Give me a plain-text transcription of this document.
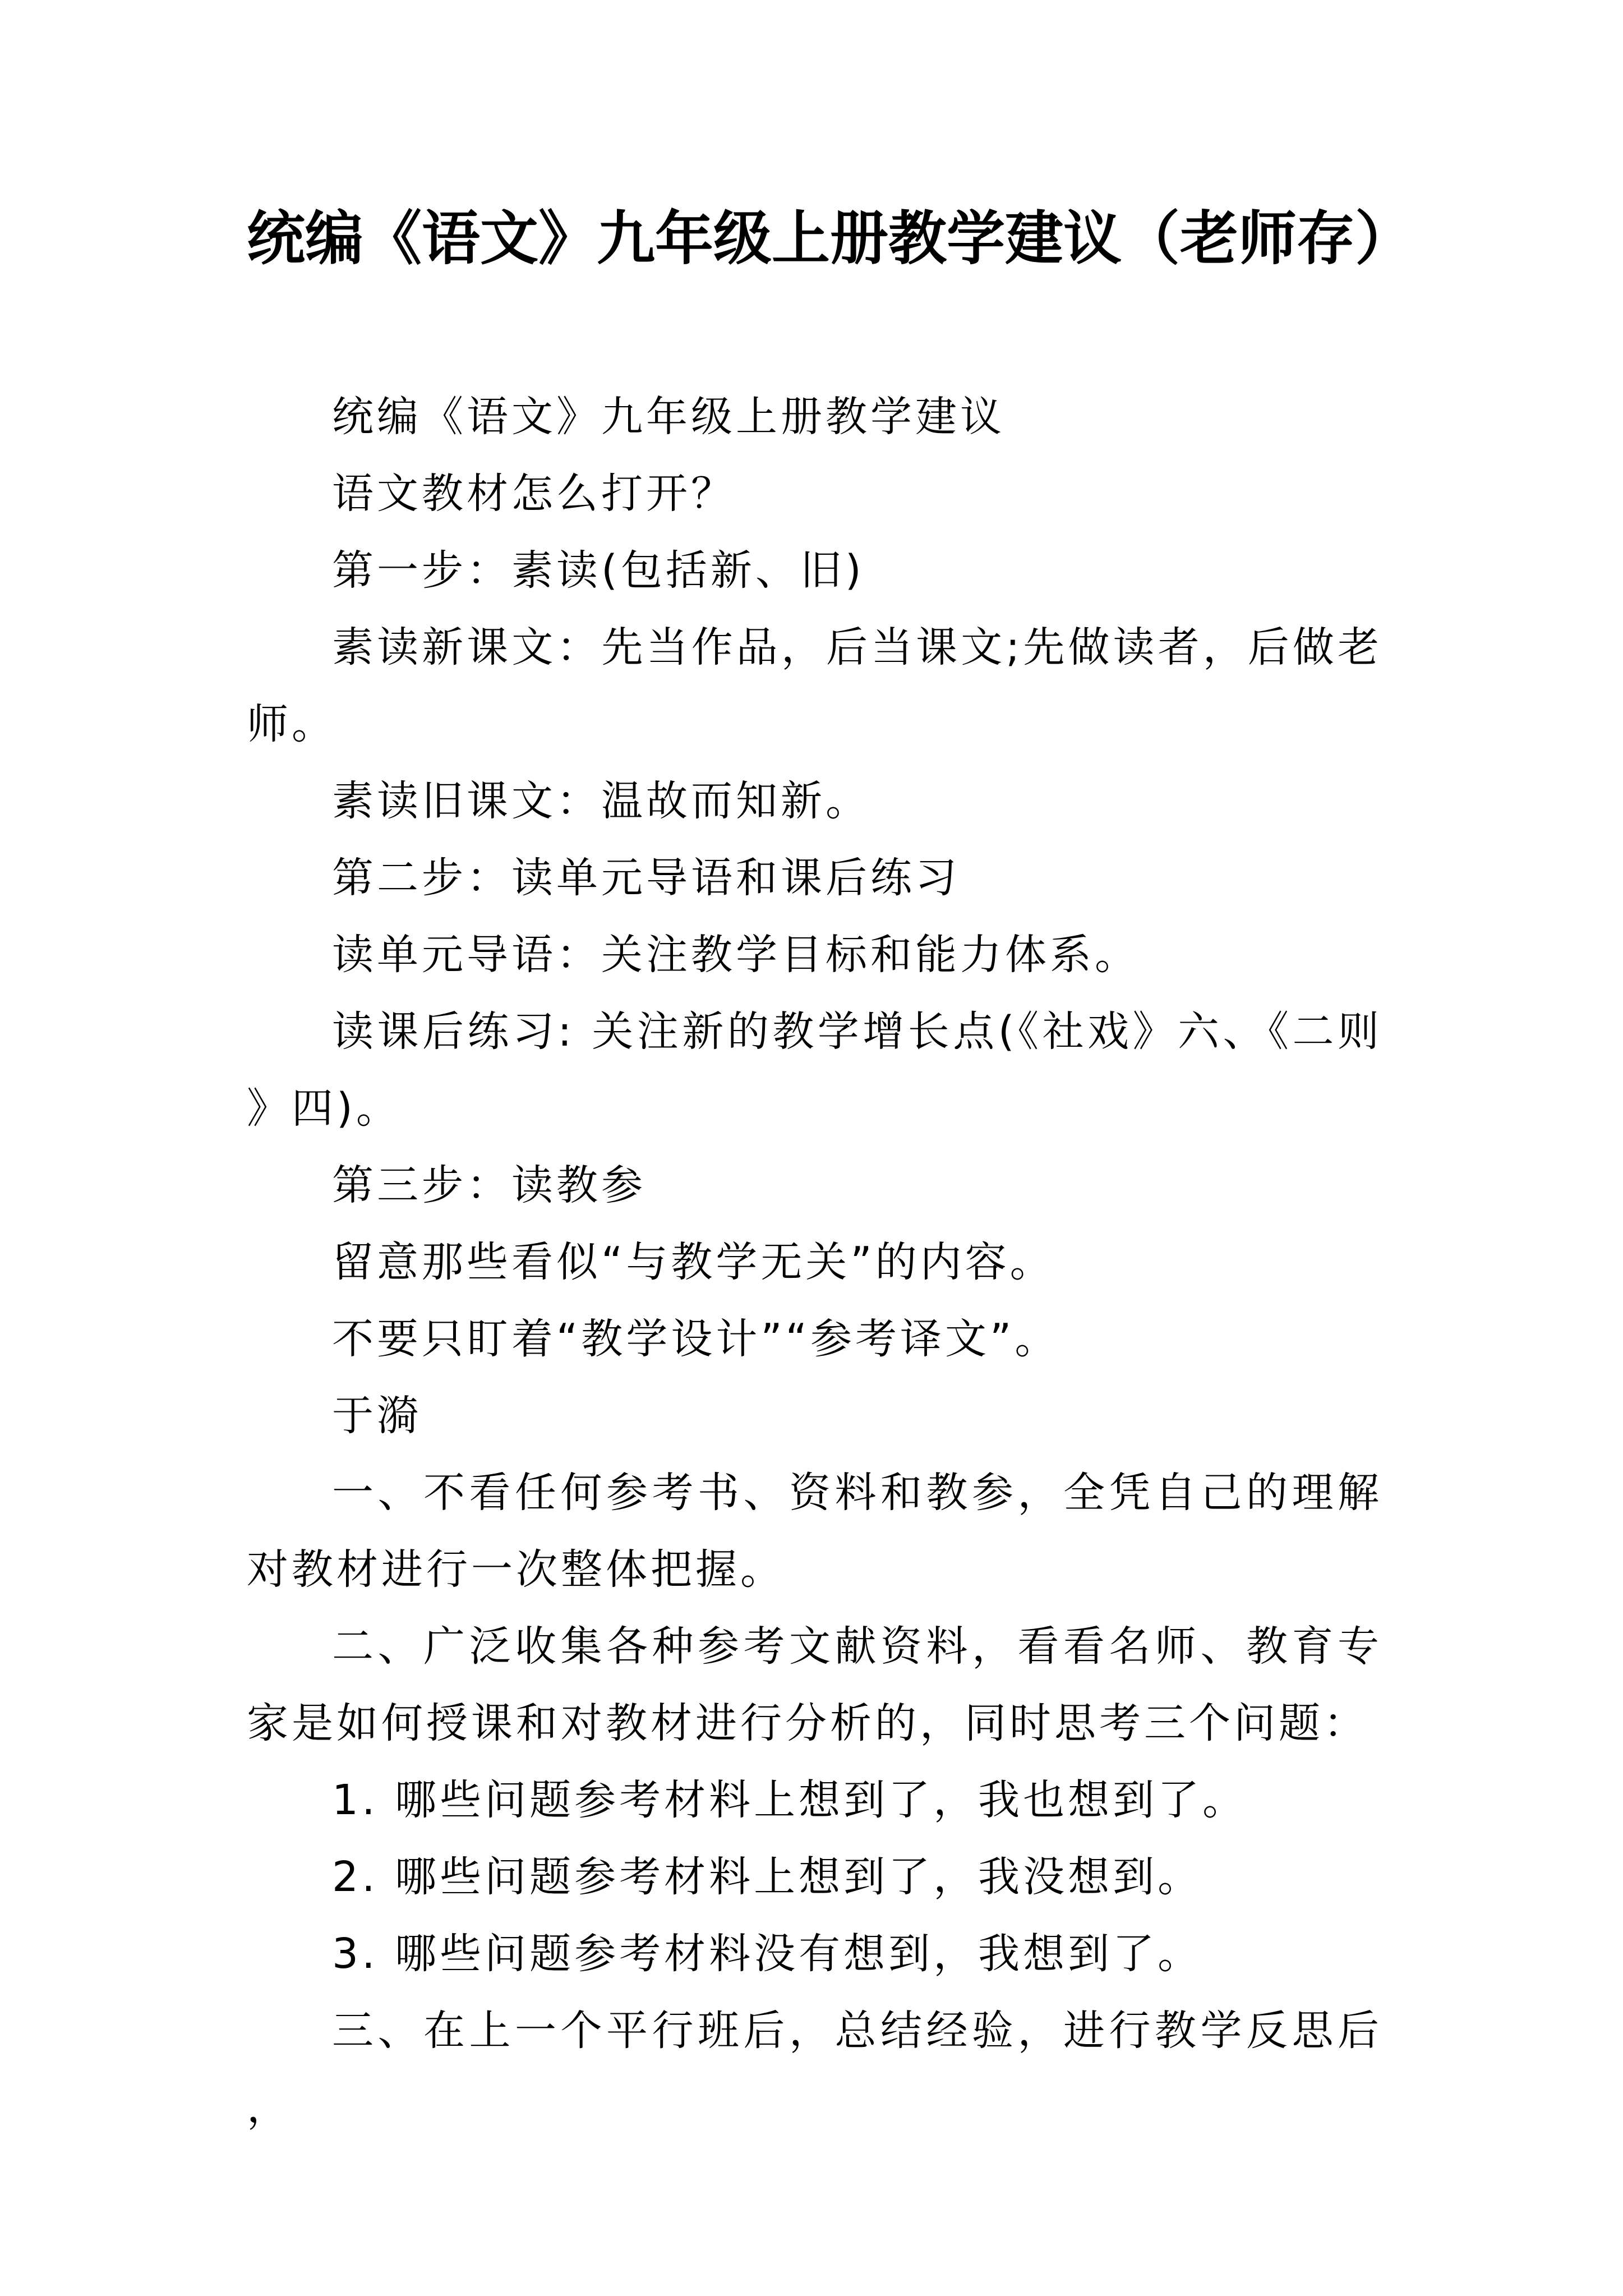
统编《语文》九年级上册教学建议（老师存）

统编《语文》九年级上册教学建议

语文教材怎么打开？

第一步：素读(包括新、旧)

素读新课文：先当作品，后当课文;先做读者，后做老师。

素读旧课文：温故而知新。

第二步：读单元导语和课后练习

读单元导语：关注教学目标和能力体系。

读课后练习: 关注新的教学增长点(《社戏》六、《二则》四)。

第三步：读教参

留意那些看似“与教学无关”的内容。

不要只盯着“教学设计”“参考译文”。

于漪

一、不看任何参考书、资料和教参，全凭自己的理解对教材进行一次整体把握。

二、广泛收集各种参考文献资料，看看名师、教育专家是如何授课和对教材进行分析的，同时思考三个问题：

1. 哪些问题参考材料上想到了，我也想到了。

2. 哪些问题参考材料上想到了，我没想到。

3. 哪些问题参考材料没有想到，我想到了。

三、在上一个平行班后，总结经验，进行教学反思后，
